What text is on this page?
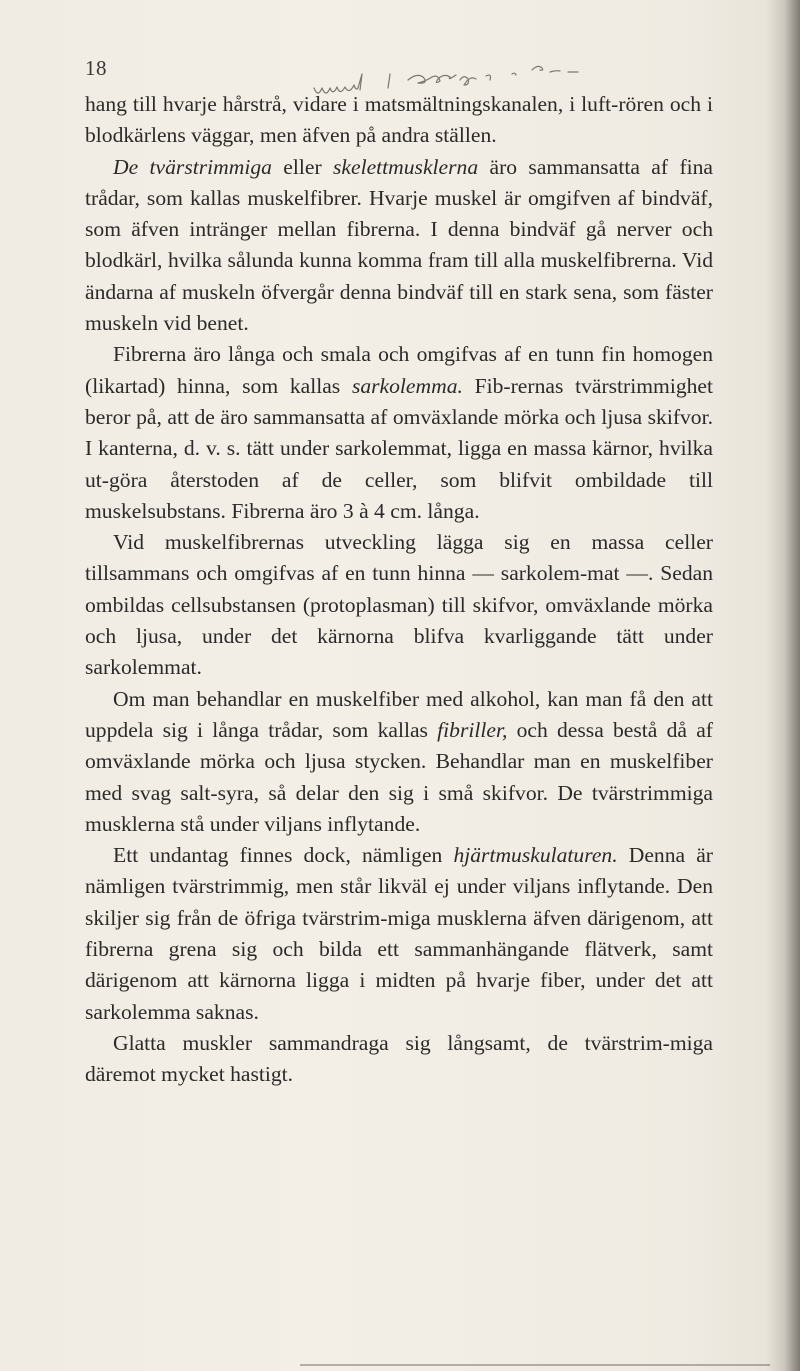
18

hang till hvarje hårstrå, vidare i matsmältningskanalen, i luft-rören och i blodkärlens väggar, men äfven på andra ställen.

De tvärstrimmiga eller skelettmusklerna äro sammansatta af fina trådar, som kallas muskelfibrer. Hvarje muskel är omgifven af bindväf, som äfven intränger mellan fibrerna. I denna bindväf gå nerver och blodkärl, hvilka sålunda kunna komma fram till alla muskelfibrerna. Vid ändarna af muskeln öfvergår denna bindväf till en stark sena, som fäster muskeln vid benet.

Fibrerna äro långa och smala och omgifvas af en tunn fin homogen (likartad) hinna, som kallas sarkolemma. Fib-rernas tvärstrimmighet beror på, att de äro sammansatta af omväxlande mörka och ljusa skifvor. I kanterna, d. v. s. tätt under sarkolemmat, ligga en massa kärnor, hvilka ut-göra återstoden af de celler, som blifvit ombildade till muskelsubstans. Fibrerna äro 3 à 4 cm. långa.

Vid muskelfibrernas utveckling lägga sig en massa celler tillsammans och omgifvas af en tunn hinna — sarkolem-mat —. Sedan ombildas cellsubstansen (protoplasman) till skifvor, omväxlande mörka och ljusa, under det kärnorna blifva kvarliggande tätt under sarkolemmat.

Om man behandlar en muskelfiber med alkohol, kan man få den att uppdela sig i långa trådar, som kallas fibriller, och dessa bestå då af omväxlande mörka och ljusa stycken. Behandlar man en muskelfiber med svag salt-syra, så delar den sig i små skifvor. De tvärstrimmiga musklerna stå under viljans inflytande.

Ett undantag finnes dock, nämligen hjärtmuskulaturen. Denna är nämligen tvärstrimmig, men står likväl ej under viljans inflytande. Den skiljer sig från de öfriga tvärstrim-miga musklerna äfven därigenom, att fibrerna grena sig och bilda ett sammanhängande flätverk, samt därigenom att kärnorna ligga i midten på hvarje fiber, under det att sarkolemma saknas.

Glatta muskler sammandraga sig långsamt, de tvärstrim-miga däremot mycket hastigt.
